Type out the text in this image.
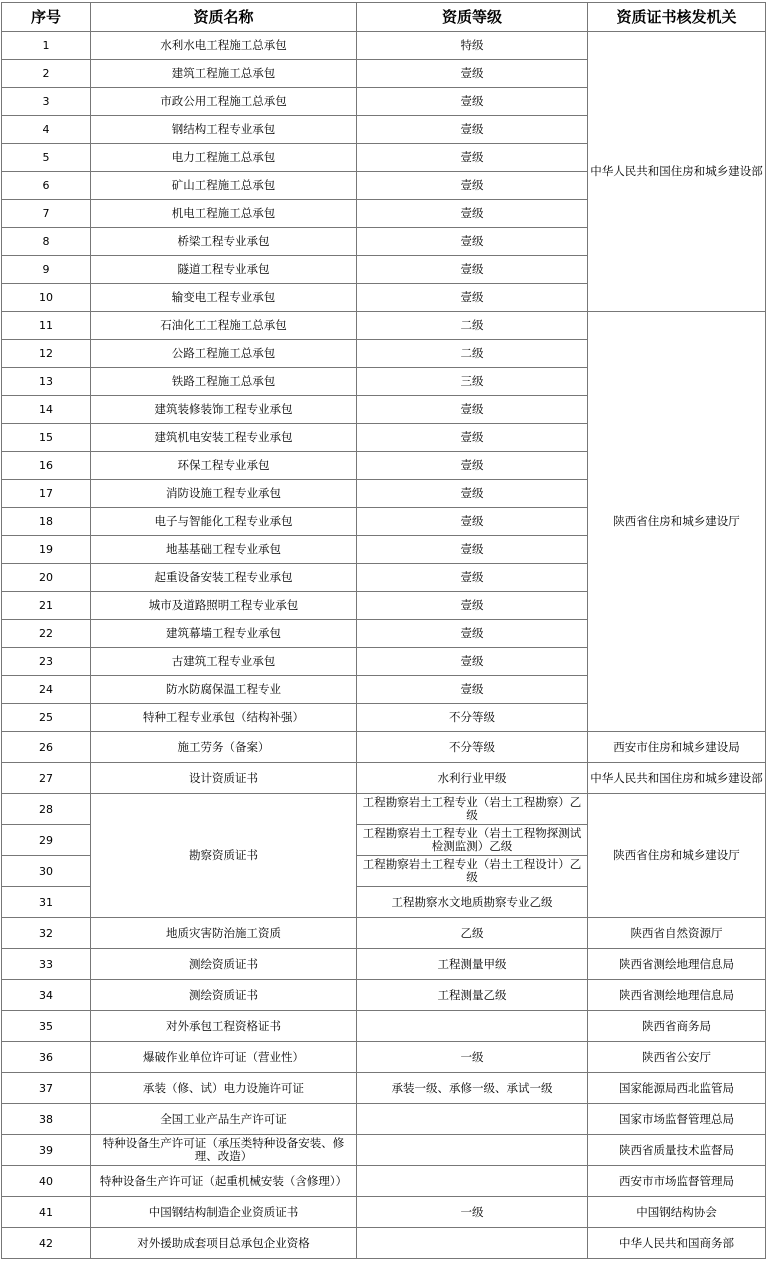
序号	资质名称	资质等级	资质证书核发机关
1	水利水电工程施工总承包	特级	中华人民共和国住房和城乡建设部
2	建筑工程施工总承包	壹级	
3	市政公用工程施工总承包	壹级	
4	钢结构工程专业承包	壹级	
5	电力工程施工总承包	壹级	
6	矿山工程施工总承包	壹级	
7	机电工程施工总承包	壹级	
8	桥梁工程专业承包	壹级	
9	隧道工程专业承包	壹级	
10	输变电工程专业承包	壹级	
11	石油化工工程施工总承包	二级	陕西省住房和城乡建设厅
12	公路工程施工总承包	二级	
13	铁路工程施工总承包	三级	
14	建筑装修装饰工程专业承包	壹级	
15	建筑机电安装工程专业承包	壹级	
16	环保工程专业承包	壹级	
17	消防设施工程专业承包	壹级	
18	电子与智能化工程专业承包	壹级	
19	地基基础工程专业承包	壹级	
20	起重设备安装工程专业承包	壹级	
21	城市及道路照明工程专业承包	壹级	
22	建筑幕墙工程专业承包	壹级	
23	古建筑工程专业承包	壹级	
24	防水防腐保温工程专业	壹级	
25	特种工程专业承包（结构补强）	不分等级	
26	施工劳务（备案）	不分等级	西安市住房和城乡建设局
27	设计资质证书	水利行业甲级	中华人民共和国住房和城乡建设部
28	勘察资质证书	工程勘察岩土工程专业（岩土工程勘察）乙级	陕西省住房和城乡建设厅
29		工程勘察岩土工程专业（岩土工程物探测试检测监测）乙级	
30		工程勘察岩土工程专业（岩土工程设计）乙级	
31		工程勘察水文地质勘察专业乙级	
32	地质灾害防治施工资质	乙级	陕西省自然资源厅
33	测绘资质证书	工程测量甲级	陕西省测绘地理信息局
34	测绘资质证书	工程测量乙级	陕西省测绘地理信息局
35	对外承包工程资格证书		陕西省商务局
36	爆破作业单位许可证（营业性）	一级	陕西省公安厅
37	承装（修、试）电力设施许可证	承装一级、承修一级、承试一级	国家能源局西北监管局
38	全国工业产品生产许可证		国家市场监督管理总局
39	特种设备生产许可证（承压类特种设备安装、修理、改造）		陕西省质量技术监督局
40	特种设备生产许可证（起重机械安装（含修理））		西安市市场监督管理局
41	中国钢结构制造企业资质证书	一级	中国钢结构协会
42	对外援助成套项目总承包企业资格		中华人民共和国商务部
